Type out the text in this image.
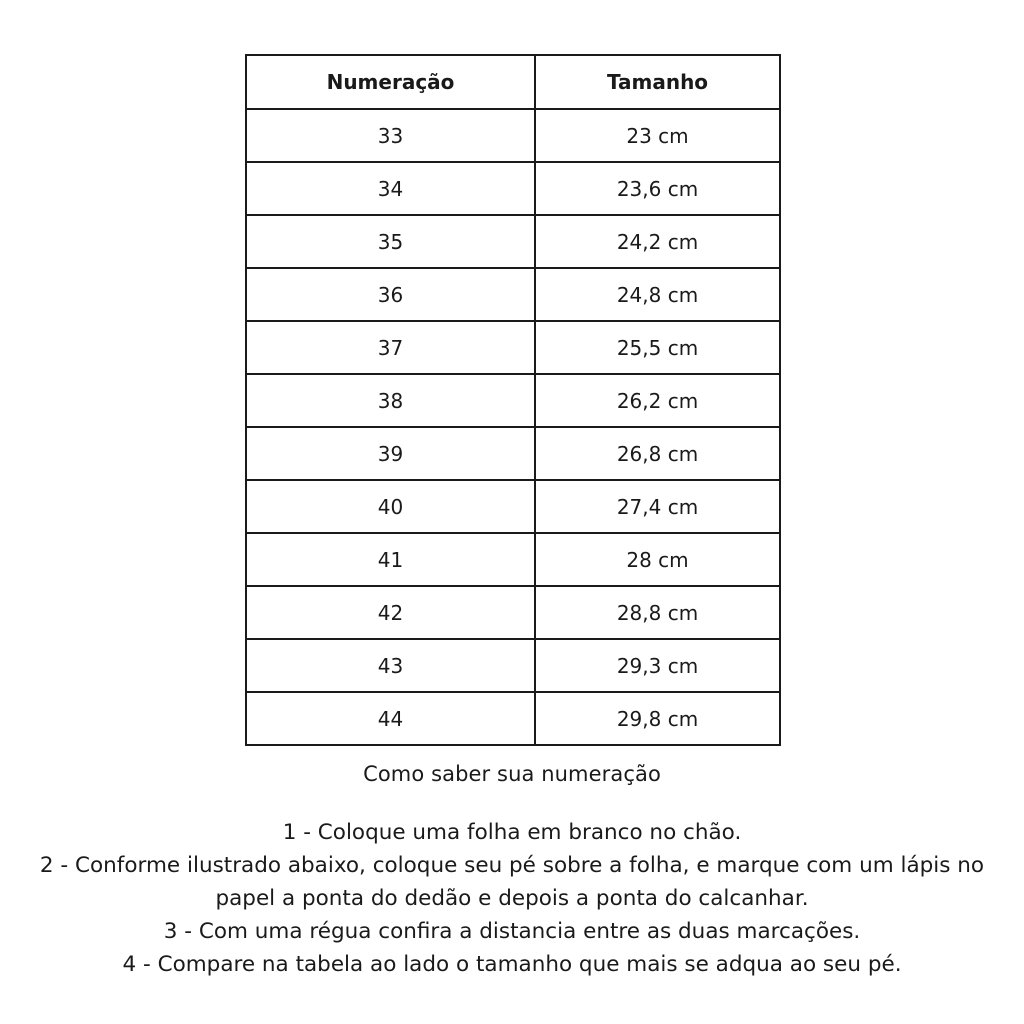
Numeração	Tamanho
33	23 cm
34	23,6 cm
35	24,2 cm
36	24,8 cm
37	25,5 cm
38	26,2 cm
39	26,8 cm
40	27,4 cm
41	28 cm
42	28,8 cm
43	29,3 cm
44	29,8 cm
Como saber sua numeração
1 - Coloque uma folha em branco no chão.
2 - Conforme ilustrado abaixo, coloque seu pé sobre a folha, e marque com um lápis no papel a ponta do dedão e depois a ponta do calcanhar.
3 - Com uma régua confira a distancia entre as duas marcações.
4 - Compare na tabela ao lado o tamanho que mais se adqua ao seu pé.
